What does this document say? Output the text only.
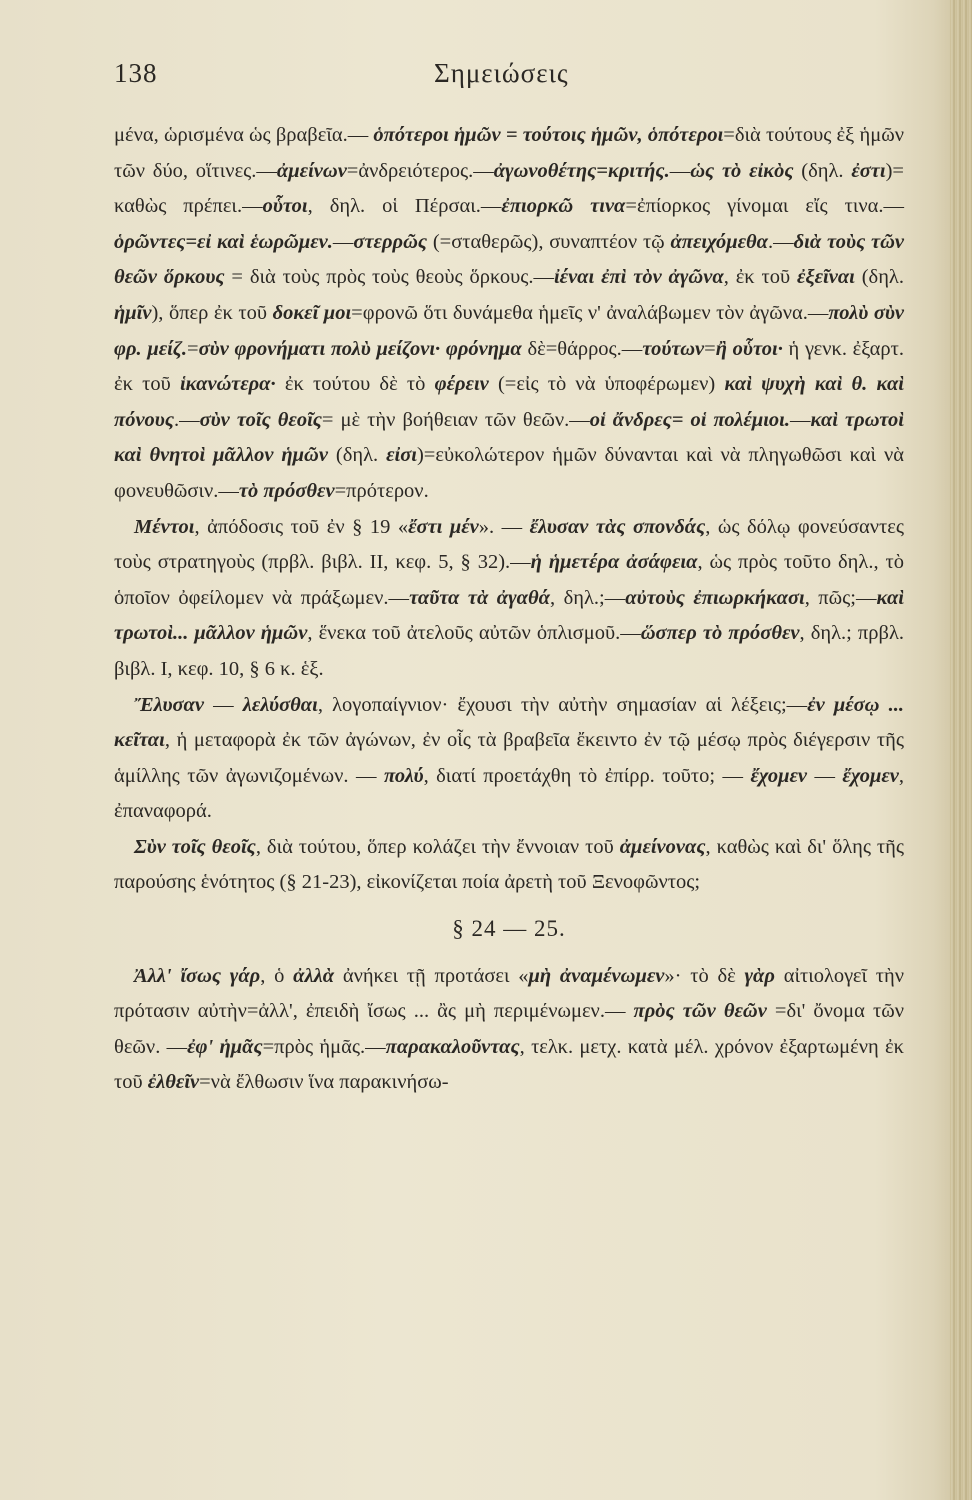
138	Σημειώσεις

μένα, ὡρισμένα ὡς βραβεῖα.— ὁπότεροι ἡμῶν = τούτοις ἡμῶν, ὁπότεροι=διὰ τούτους ἐξ ἡμῶν τῶν δύο, οἵτινες.—ἀμείνων=ἀνδρειότερος.—ἀγωνοθέτης=κριτής.—ὡς τὸ εἰκὸς (δηλ. ἐστι)= καθὼς πρέπει.—οὗτοι, δηλ. οἱ Πέρσαι.—ἐπιορκῶ τινα=ἐπίορκος γίνομαι εἴς τινα.—ὁρῶντες=εἰ καὶ ἑωρῶμεν.—στερρῶς (=σταθερῶς), συναπτέον τῷ ἀπειχόμεθα.—διὰ τοὺς τῶν θεῶν ὅρκους = διὰ τοὺς πρὸς τοὺς θεοὺς ὅρκους.—ἰέναι ἐπὶ τὸν ἀγῶνα, ἐκ τοῦ ἐξεῖναι (δηλ. ἡμῖν), ὅπερ ἐκ τοῦ δοκεῖ μοι=φρονῶ ὅτι δυνάμεθα ἡμεῖς ν' ἀναλάβωμεν τὸν ἀγῶνα.—πολὺ σὺν φρ. μείζ.=σὺν φρονήματι πολὺ μείζονι· φρόνημα δὲ=θάρρος.—τούτων=ἢ οὗτοι· ἡ γενκ. ἐξαρτ. ἐκ τοῦ ἱκανώτερα· ἐκ τούτου δὲ τὸ φέρειν (=εἰς τὸ νὰ ὑποφέρωμεν) καὶ ψυχὴ καὶ θ. καὶ πόνους.—σὺν τοῖς θεοῖς= μὲ τὴν βοήθειαν τῶν θεῶν.—οἱ ἄνδρες= οἱ πολέμιοι.—καὶ τρωτοὶ καὶ θνητοὶ μᾶλλον ἡμῶν (δηλ. εἰσι)=εὐκολώτερον ἡμῶν δύνανται καὶ νὰ πληγωθῶσι καὶ νὰ φονευθῶσιν.—τὸ πρόσθεν=πρότερον.

Μέντοι, ἀπόδοσις τοῦ ἐν § 19 «ἔστι μέν». — ἔλυσαν τὰς σπονδάς, ὡς δόλῳ φονεύσαντες τοὺς στρατηγοὺς (πρβλ. βιβλ. II, κεφ. 5, § 32).—ἡ ἡμετέρα ἀσάφεια, ὡς πρὸς τοῦτο δηλ., τὸ ὁποῖον ὀφείλομεν νὰ πράξωμεν.—ταῦτα τὰ ἀγαθά, δηλ.;—αὐτοὺς ἐπιωρκήκασι, πῶς;—καὶ τρωτοὶ... μᾶλλον ἡμῶν, ἕνεκα τοῦ ἀτελοῦς αὐτῶν ὁπλισμοῦ.—ὥσπερ τὸ πρόσθεν, δηλ.; πρβλ. βιβλ. I, κεφ. 10, § 6 κ. ἑξ.

Ἔλυσαν — λελύσθαι, λογοπαίγνιον· ἔχουσι τὴν αὐτὴν σημασίαν αἱ λέξεις;—ἐν μέσῳ ... κεῖται, ἡ μεταφορὰ ἐκ τῶν ἀγώνων, ἐν οἷς τὰ βραβεῖα ἔκειντο ἐν τῷ μέσῳ πρὸς διέγερσιν τῆς ἁμίλλης τῶν ἀγωνιζομένων. — πολύ, διατί προετάχθη τὸ ἐπίρρ. τοῦτο; — ἔχομεν — ἔχομεν, ἐπαναφορά.

Σὺν τοῖς θεοῖς, διὰ τούτου, ὅπερ κολάζει τὴν ἔννοιαν τοῦ ἀμείνονας, καθὼς καὶ δι' ὅλης τῆς παρούσης ἑνότητος (§ 21-23), εἰκονίζεται ποία ἀρετὴ τοῦ Ξενοφῶντος;

§ 24 — 25.

Ἀλλ' ἴσως γάρ, ὁ ἀλλὰ ἀνήκει τῇ προτάσει «μὴ ἀναμένωμεν»· τὸ δὲ γὰρ αἰτιολογεῖ τὴν πρότασιν αὐτὴν=ἀλλ', ἐπειδὴ ἴσως ... ἂς μὴ περιμένωμεν.— πρὸς τῶν θεῶν =δι' ὄνομα τῶν θεῶν. —ἐφ' ἡμᾶς=πρὸς ἡμᾶς.—παρακαλοῦντας, τελκ. μετχ. κατὰ μέλ. χρόνον ἐξαρτωμένη ἐκ τοῦ ἐλθεῖν=νὰ ἔλθωσιν ἵνα παρακινήσω-
